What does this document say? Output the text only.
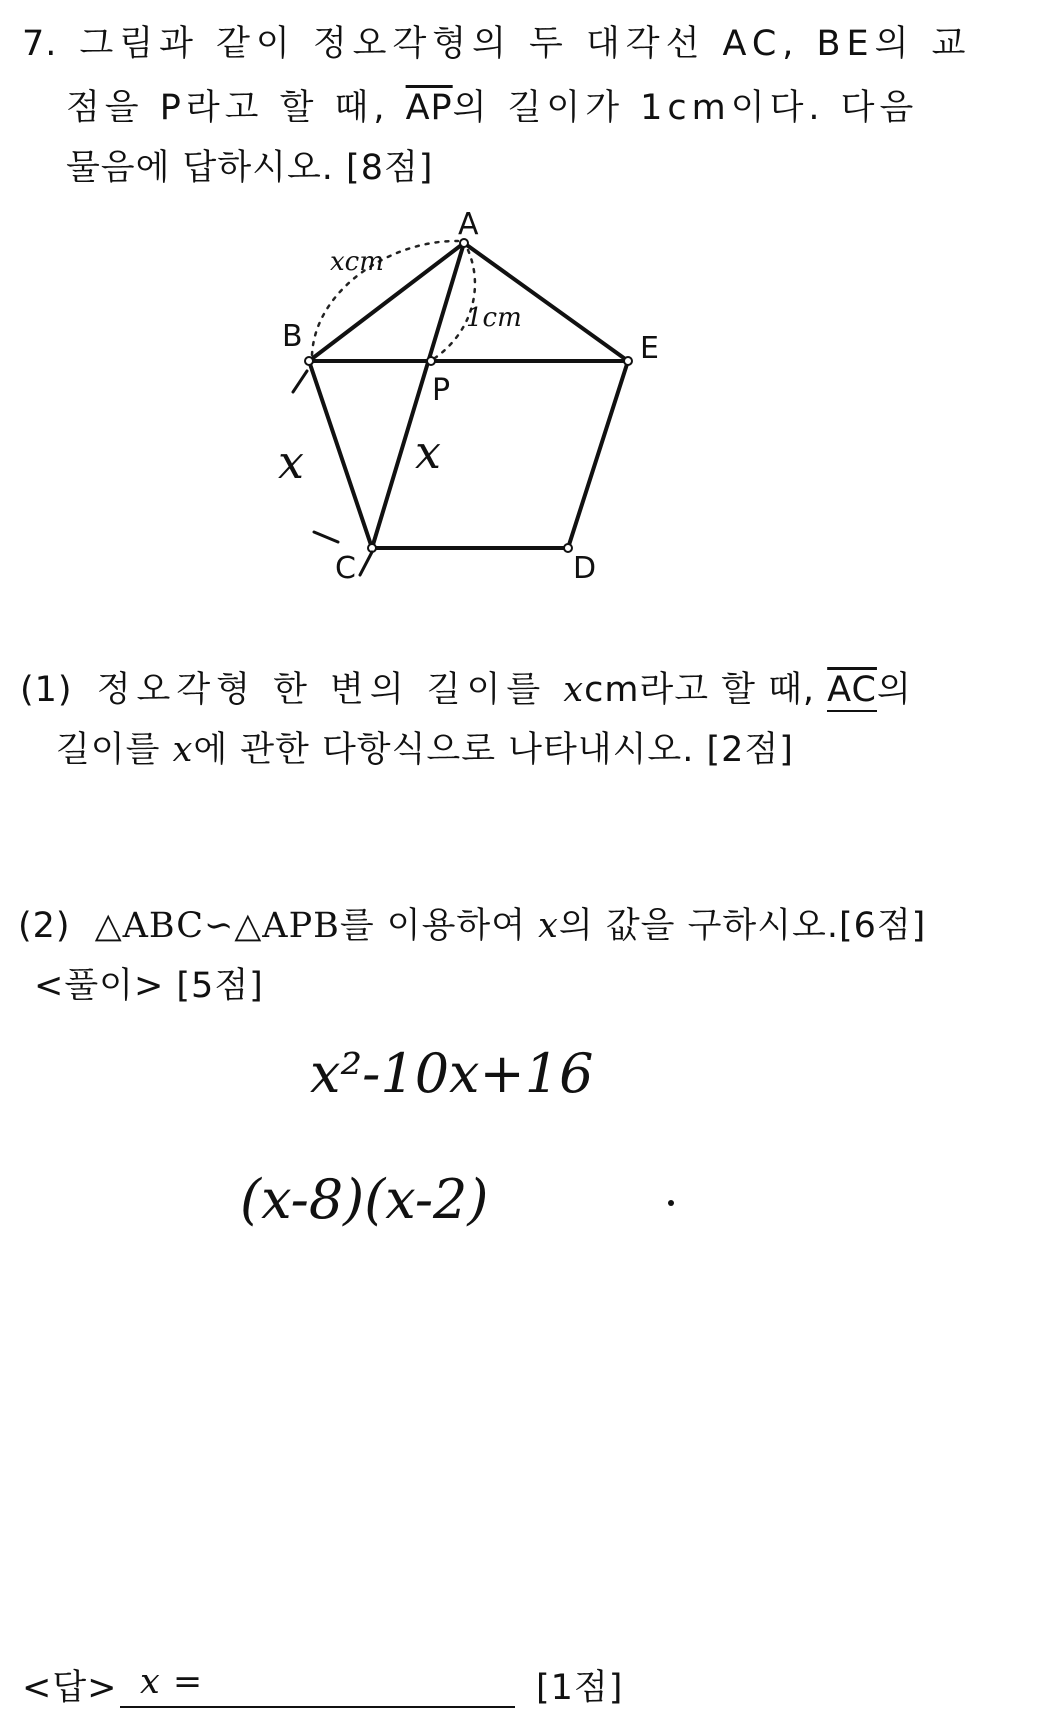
7. 그림과 같이 정오각형의 두 대각선 AC, BE의 교
점을 P라고 할 때, $\overline{AP}$의 길이가 1cm이다. 다음
물음에 답하시오. [8점]
A
B
C	D
E
P
xcm
1cm
x x
(1) 정오각형 한 변의 길이를 xcm라고 할 때, $\overline{AC}$의
길이를 x에 관한 다항식으로 나타내시오. [2점]
(2) △ABC∽△APB를 이용하여 x의 값을 구하시오.[6점]
<풀이> [5점]
x²-10x+16
(x-8)(x-2)
<답> x =	[1점]
